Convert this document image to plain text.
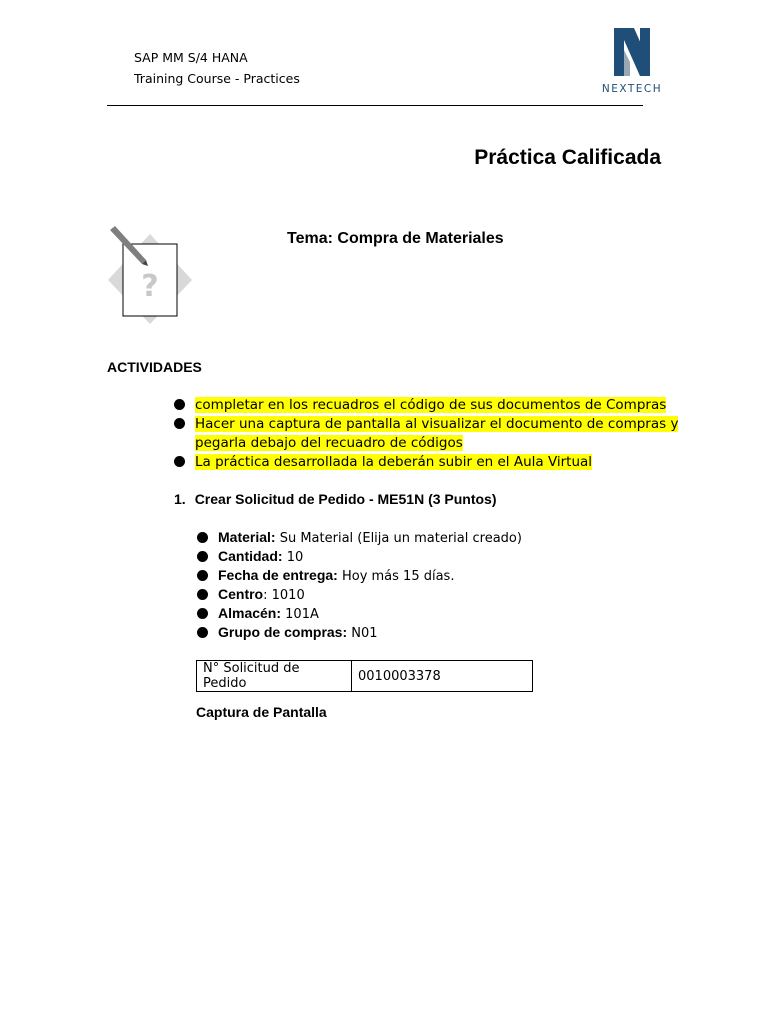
SAP MM S/4 HANA
Training Course - Practices
NEXTECH
Práctica Calificada
?
Tema: Compra de Materiales
ACTIVIDADES
completar en los recuadros el código de sus documentos de Compras
Hacer una captura de pantalla al visualizar el documento de compras y
pegarla debajo del recuadro de códigos
La práctica desarrollada la deberán subir en el Aula Virtual
1. Crear Solicitud de Pedido - ME51N (3 Puntos)
Material: Su Material (Elija un material creado)
Cantidad: 10
Fecha de entrega: Hoy más 15 días.
Centro: 1010
Almacén: 101A
Grupo de compras: N01
N° Solicitud de Pedido	0010003378
Captura de Pantalla
